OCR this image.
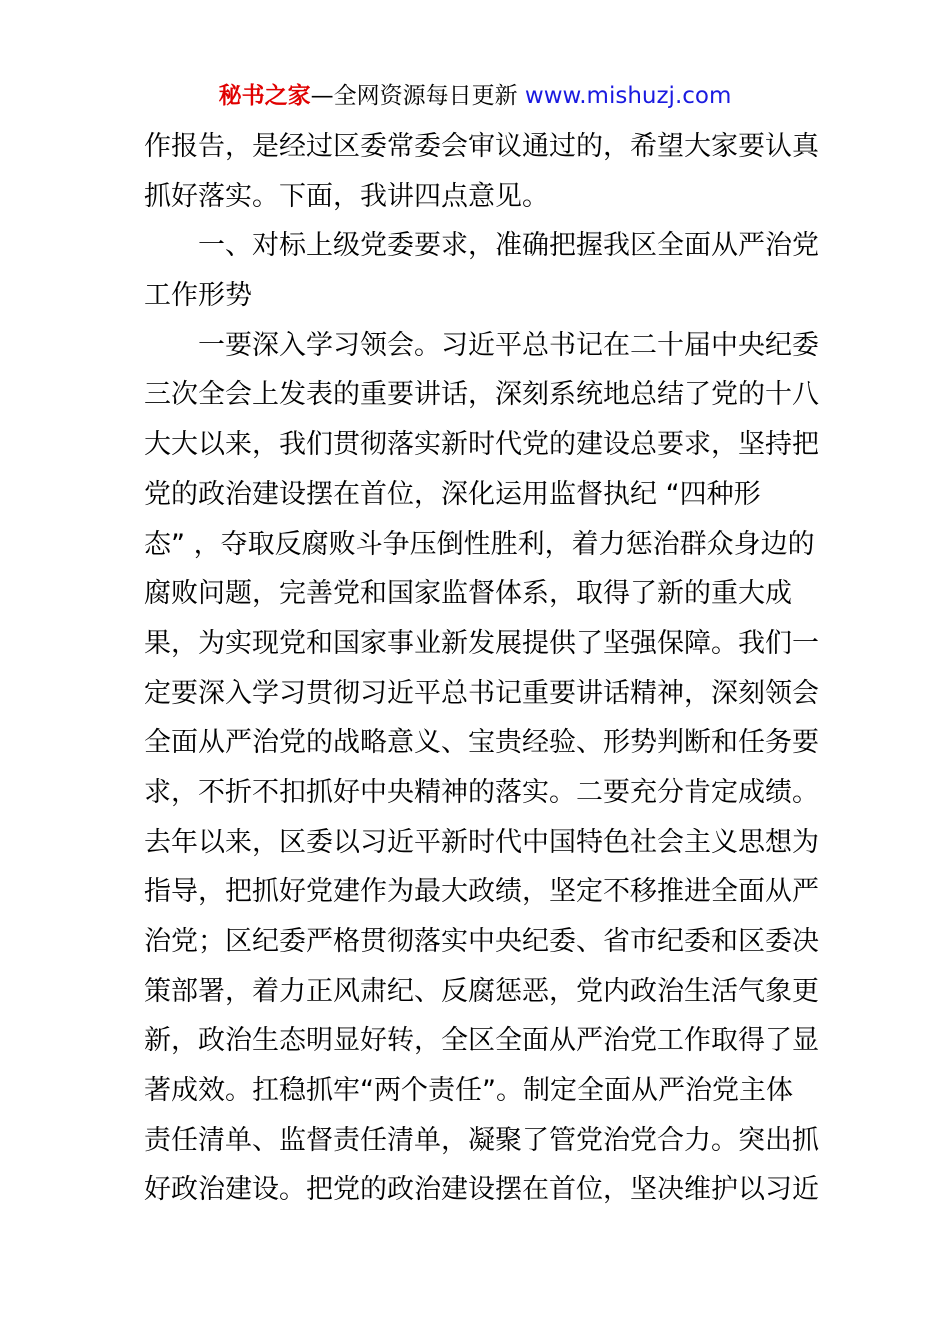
秘书之家—全网资源每日更新 www.mishuzj.com
作报告，是经过区委常委会审议通过的，希望大家要认真
抓好落实。下面，我讲四点意见。
一、对标上级党委要求，准确把握我区全面从严治党
工作形势
一要深入学习领会。习近平总书记在二十届中央纪委
三次全会上发表的重要讲话，深刻系统地总结了党的十八
大大以来，我们贯彻落实新时代党的建设总要求，坚持把
党的政治建设摆在首位，深化运用监督执纪 “四种形
态” ，夺取反腐败斗争压倒性胜利，着力惩治群众身边的
腐败问题，完善党和国家监督体系，取得了新的重大成
果，为实现党和国家事业新发展提供了坚强保障。我们一
定要深入学习贯彻习近平总书记重要讲话精神，深刻领会
全面从严治党的战略意义、宝贵经验、形势判断和任务要
求，不折不扣抓好中央精神的落实。二要充分肯定成绩。
去年以来，区委以习近平新时代中国特色社会主义思想为
指导，把抓好党建作为最大政绩，坚定不移推进全面从严
治党；区纪委严格贯彻落实中央纪委、省市纪委和区委决
策部署，着力正风肃纪、反腐惩恶，党内政治生活气象更
新，政治生态明显好转，全区全面从严治党工作取得了显
著成效。扛稳抓牢“两个责任”。制定全面从严治党主体
责任清单、监督责任清单，凝聚了管党治党合力。突出抓
好政治建设。把党的政治建设摆在首位，坚决维护以习近
